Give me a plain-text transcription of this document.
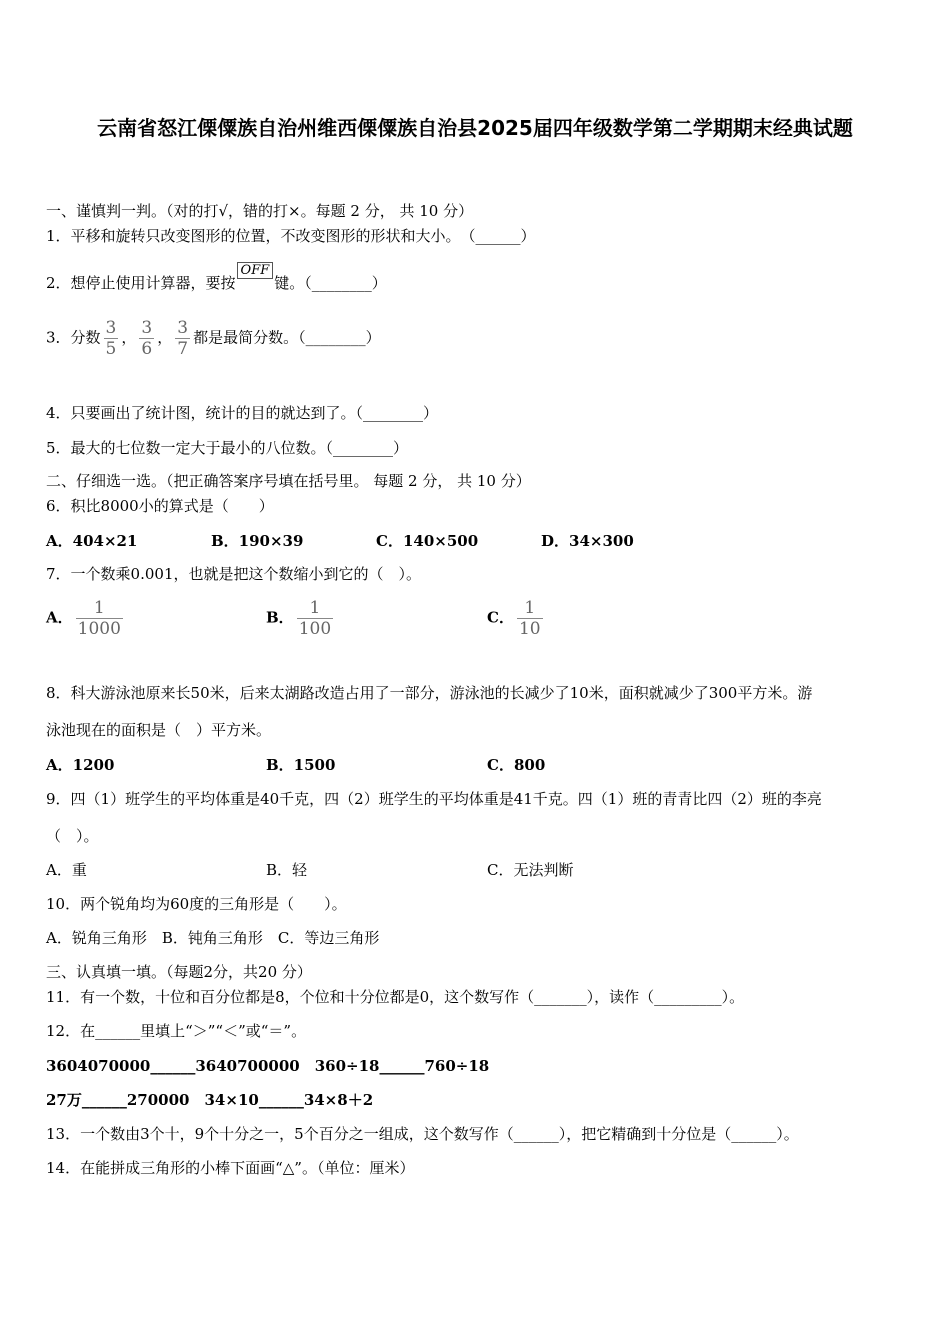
云南省怒江傈僳族自治州维西傈僳族自治县2025届四年级数学第二学期期末经典试题
一、谨慎判一判。（对的打√，错的打×。每题 2 分， 共 10 分）
1．平移和旋转只改变图形的位置，不改变图形的形状和大小。　（______）
2．想停止使用计算器，要按OFF键。（________）
3．分数 $\frac{3}{5}$ ， $\frac{3}{6}$ ， $\frac{3}{7}$ 都是最简分数。（________）
4．只要画出了统计图，统计的目的就达到了。（________）
5．最大的七位数一定大于最小的八位数。（________）
二、仔细选一选。（把正确答案序号填在括号里。 每题 2 分， 共 10 分）
6．积比8000小的算式是（　　）
A．404×21	B．190×39	C．140×500	D．34×300
7．一个数乘0.001，也就是把这个数缩小到它的（　）。
A． $\frac{1}{1000}$	B． $\frac{1}{100}$	C． $\frac{1}{10}$
8．科大游泳池原来长50米，后来太湖路改造占用了一部分，游泳池的长减少了10米，面积就减少了300平方米。游
泳池现在的面积是（　）平方米。
A．1200	B．1500	C．800
9．四（1）班学生的平均体重是40千克，四（2）班学生的平均体重是41千克。四（1）班的青青比四（2）班的李亮
（　）。
A．重	B．轻	C．无法判断
10．两个锐角均为60度的三角形是（　　）。
A．锐角三角形　B．钝角三角形　C．等边三角形
三、认真填一填。（每题2分，共20 分）
11．有一个数，十位和百分位都是8，个位和十分位都是0，这个数写作（_______），读作（_________）。
12．在______里填上“＞”“＜”或“＝”。
3604070000______3640700000　360÷18______760÷18
27万______270000　34×10______34×8＋2
13．一个数由3个十，9个十分之一，5个百分之一组成，这个数写作（______），把它精确到十分位是（______）。
14．在能拼成三角形的小棒下面画“△”。（单位：厘米）
